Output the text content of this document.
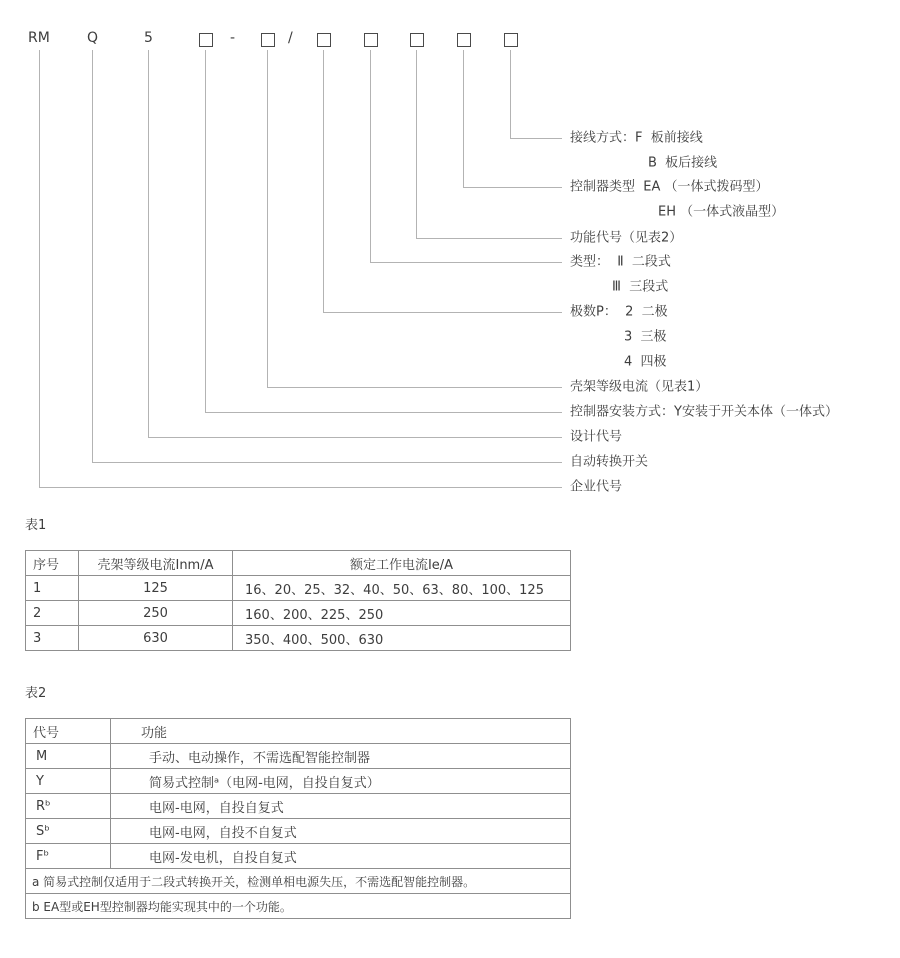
RM	Q	5	-	/
接线方式：F  板前接线
B  板后接线
控制器类型  EA （一体式拨码型）
EH （一体式液晶型）
功能代号（见表2）
类型：  Ⅱ  二段式
Ⅲ  三段式
极数P：  2  二极
3  三极
4  四极
壳架等级电流（见表1）
控制器安装方式：Y安装于开关本体（一体式）
设计代号
自动转换开关
企业代号
表1
序号	壳架等级电流Inm/A	额定工作电流Ie/A
1	125	16、20、25、32、40、50、63、80、100、125
2	250	160、200、225、250
3	630	350、400、500、630
表2
代号	功能
M	手动、电动操作，不需选配智能控制器
Y	简易式控制ᵃ（电网-电网，自投自复式）
Rᵇ	电网-电网，自投自复式
Sᵇ	电网-电网，自投不自复式
Fᵇ	电网-发电机，自投自复式
a 简易式控制仅适用于二段式转换开关，检测单相电源失压，不需选配智能控制器。	
b EA型或EH型控制器均能实现其中的一个功能。	
